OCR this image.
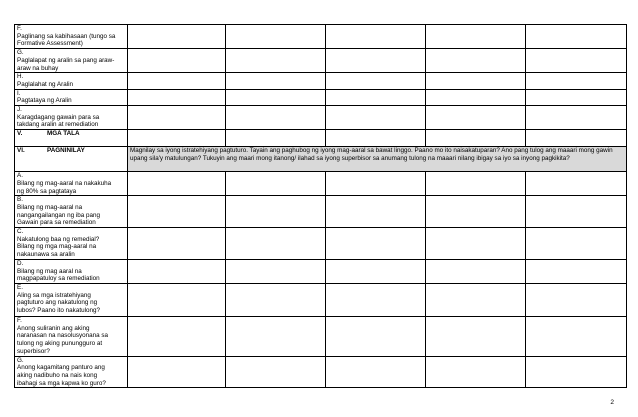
F.Paglinang sa kabihasaan (tungo sa Formative Assessment)					
G.Paglalapat ng aralin sa pang araw-araw na buhay					
H.Paglalahat ng Aralin					
I.Pagtataya ng Aralin					
J.Karagdagang gawain para sa takdang aralin at remediation					
V. MGA TALA					
VI. PAGNINILAY	Magnilay sa iyong istratehiyang pagtuturo. Tayain ang paghubog ng iyong mag-aaral sa bawat linggo. Paano mo ito naisakatuparan? Ano pang tulog ang maaari mong gawin upang sila'y matulungan? Tukuyin ang maari mong itanong/ ilahad sa iyong superbisor sa anumang tulong na maaari nilang ibigay sa iyo sa inyong pagkikita?				
A.Bilang ng mag-aaral na nakakuha ng 80% sa pagtataya					
B.Bilang ng mag-aaral na nangangailangan ng iba pang Gawain para sa remediation					
C.Nakatulong baa ng remedial? Bilang ng mga mag-aaral na nakaunawa sa aralin					
D.Bilang ng mag aaral na magpapatuloy sa remediation					
E.Aling sa mga istratehiyang pagtuturo ang nakatulong ng lubos? Paano ito nakatulong?					
F.Anong suliranin ang aking naranasan na nasolusyonana sa tulong ng aking punungguro at superbisor?					
G.Anong kagamitang panturo ang aking nadibuho na nais kong ibahagi sa mga kapwa ko guro?					
2
